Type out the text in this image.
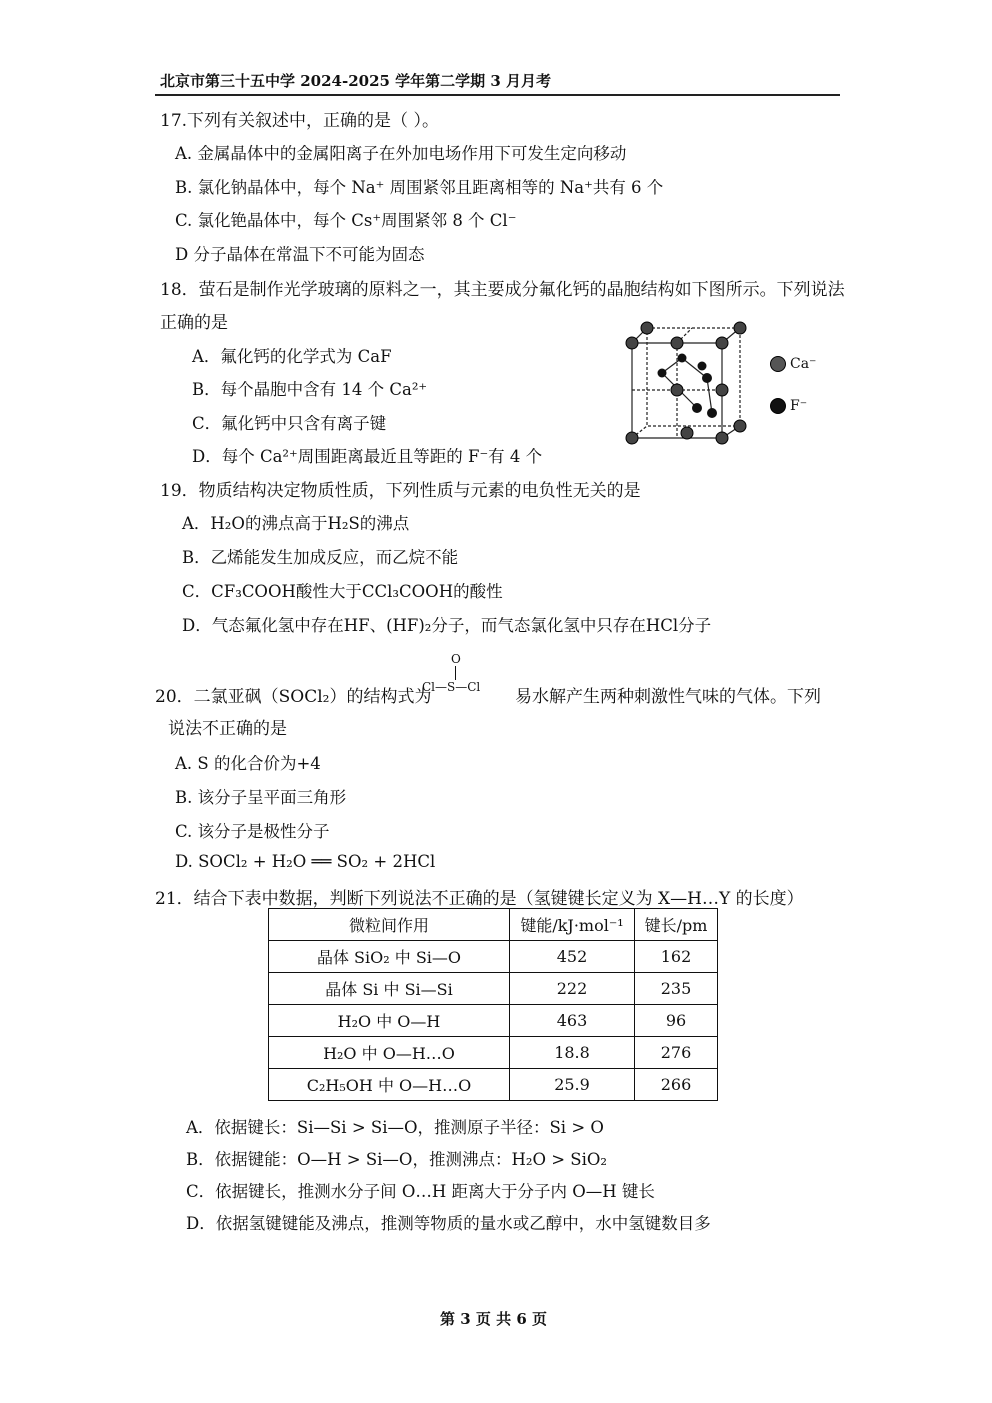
北京市第三十五中学 2024-2025 学年第二学期 3 月月考
17.下列有关叙述中，正确的是（ ）。
A. 金属晶体中的金属阳离子在外加电场作用下可发生定向移动
B. 氯化钠晶体中，每个 Na⁺ 周围紧邻且距离相等的 Na⁺共有 6 个
C. 氯化铯晶体中，每个 Cs⁺周围紧邻 8 个 Cl⁻
D 分子晶体在常温下不可能为固态
18．萤石是制作光学玻璃的原料之一，其主要成分氟化钙的晶胞结构如下图所示。下列说法
正确的是
A．氟化钙的化学式为 CaF
B．每个晶胞中含有 14 个 Ca²⁺
C．氟化钙中只含有离子键
D．每个 Ca²⁺周围距离最近且等距的 F⁻有 4 个
Ca⁻
F⁻
19．物质结构决定物质性质，下列性质与元素的电负性无关的是
A．H₂O的沸点高于H₂S的沸点
B．乙烯能发生加成反应，而乙烷不能
C．CF₃COOH酸性大于CCl₃COOH的酸性
D．气态氟化氢中存在HF、(HF)₂分子，而气态氯化氢中只存在HCl分子
20．二氯亚砜（SOCl₂）的结构式为
O
Cl—S—Cl 易水解产生两种刺激性气味的气体。下列
说法不正确的是
A. S 的化合价为+4
B. 该分子呈平面三角形
C. 该分子是极性分子
D. SOCl₂ + H₂O ══ SO₂ + 2HCl
21．结合下表中数据，判断下列说法不正确的是（氢键键长定义为 X—H…Y 的长度）
微粒间作用	键能/kJ·mol⁻¹	键长/pm
晶体 SiO₂ 中 Si—O	452	162
晶体 Si 中 Si—Si	222	235
H₂O 中 O—H	463	96
H₂O 中 O—H…O	18.8	276
C₂H₅OH 中 O—H…O	25.9	266
A．依据键长：Si—Si > Si—O，推测原子半径：Si > O
B．依据键能：O—H > Si—O，推测沸点：H₂O > SiO₂
C．依据键长，推测水分子间 O…H 距离大于分子内 O—H 键长
D．依据氢键键能及沸点，推测等物质的量水或乙醇中，水中氢键数目多
第 3 页 共 6 页
